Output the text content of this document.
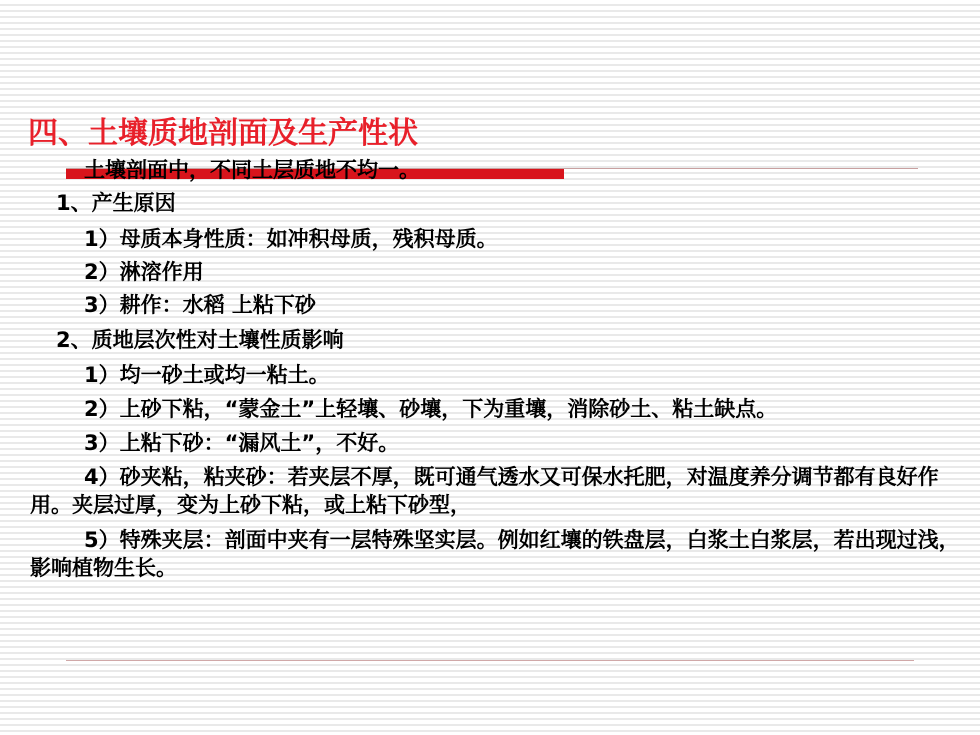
四、土壤质地剖面及生产性状
土壤剖面中，不同土层质地不均一。
1、产生原因
1）母质本身性质：如冲积母质，残积母质。
2）淋溶作用
3）耕作：水稻 上粘下砂
2、质地层次性对土壤性质影响
1）均一砂土或均一粘土。
2）上砂下粘，“蒙金土”上轻壤、砂壤，下为重壤，消除砂土、粘土缺点。
3）上粘下砂：“漏风土”，不好。
4）砂夹粘，粘夹砂：若夹层不厚，既可通气透水又可保水托肥，对温度养分调节都有良好作用。夹层过厚，变为上砂下粘，或上粘下砂型，
5）特殊夹层：剖面中夹有一层特殊坚实层。例如红壤的铁盘层，白浆土白浆层，若出现过浅，影响植物生长。
